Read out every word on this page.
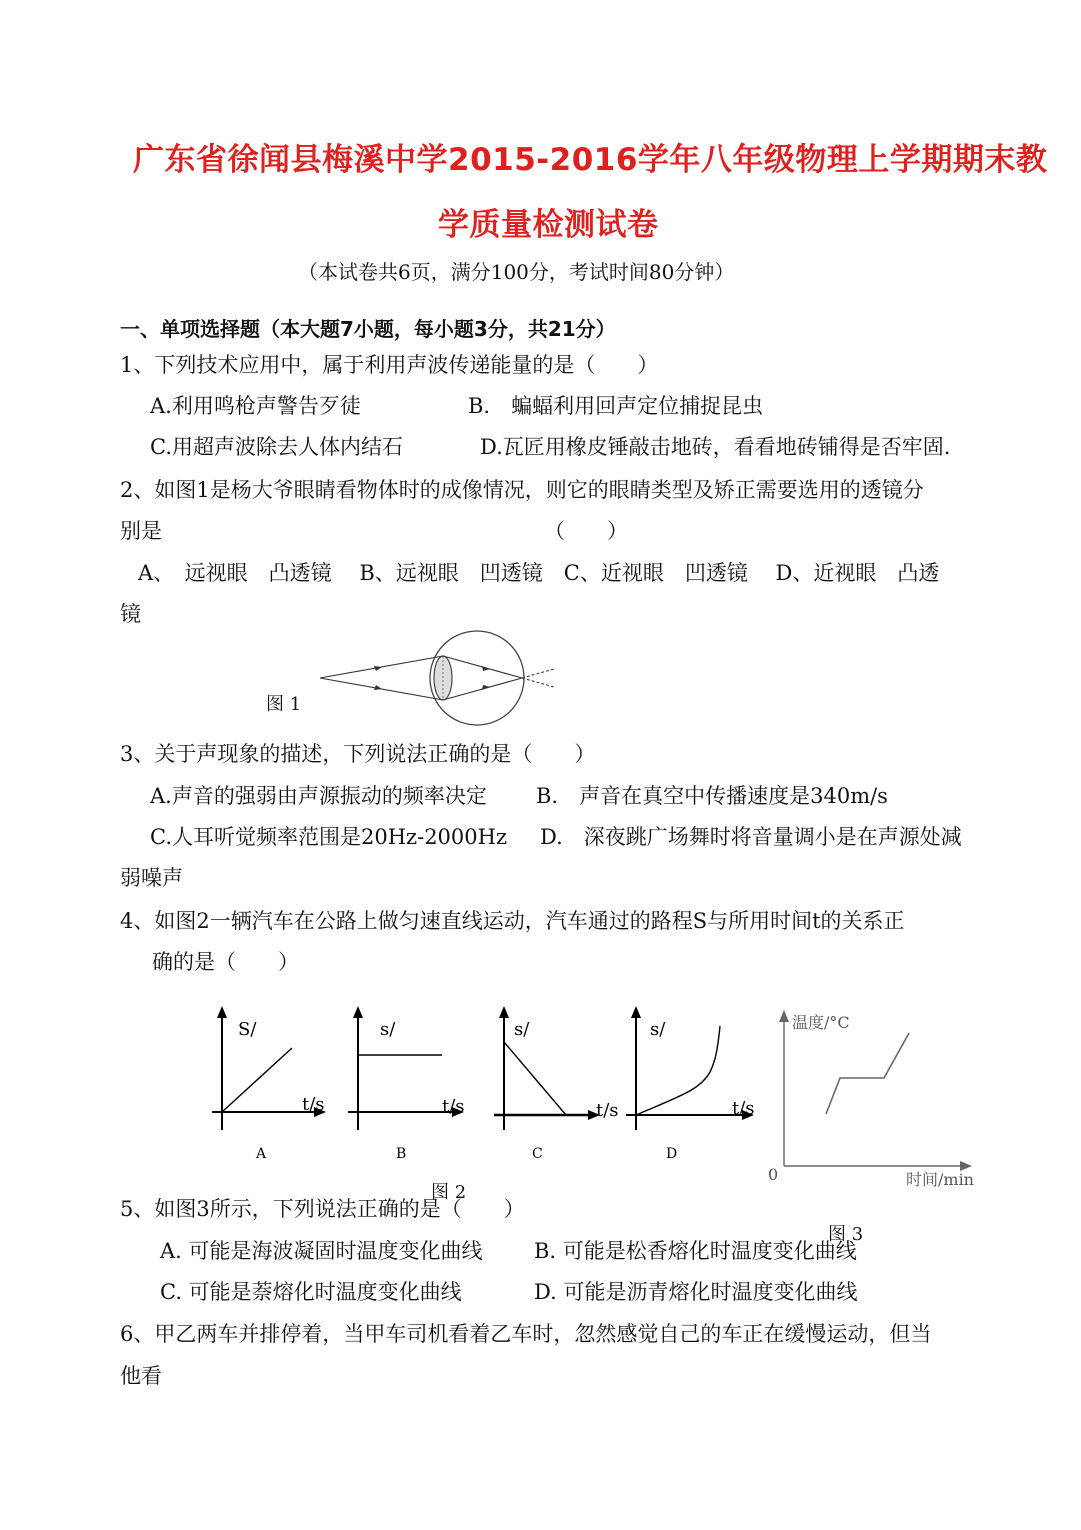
广东省徐闻县梅溪中学2015-2016学年八年级物理上学期期末教
学质量检测试卷
（本试卷共6页，满分100分，考试时间80分钟）
一、单项选择题（本大题7小题，每小题3分，共21分）
1、下列技术应用中，属于利用声波传递能量的是（　　）
A.利用鸣枪声警告歹徒	B.　蝙蝠利用回声定位捕捉昆虫
C.用超声波除去人体内结石	D.瓦匠用橡皮锤敲击地砖，看看地砖铺得是否牢固.
2、如图1是杨大爷眼睛看物体时的成像情况，则它的眼睛类型及矫正需要选用的透镜分
别是	（　　）
A、　远视眼　凸透镜　 B、远视眼　凹透镜　C、近视眼　凹透镜　 D、近视眼　凸透
镜
图 1
3、关于声现象的描述，下列说法正确的是（　　）
A.声音的强弱由声源振动的频率决定 B.　声音在真空中传播速度是340m/s
C.人耳听觉频率范围是20Hz-2000Hz D.　深夜跳广场舞时将音量调小是在声源处减
弱噪声
4、如图2一辆汽车在公路上做匀速直线运动，汽车通过的路程S与所用时间t的关系正
确的是（　　）
S/
t/s
A
s/
t/s
B
s/
t/s
C
s/
t/s
D
图 2
温度/°C
0	时间/min
图 3
5、如图3所示，下列说法正确的是（　　）
A. 可能是海波凝固时温度变化曲线 B. 可能是松香熔化时温度变化曲线
C. 可能是萘熔化时温度变化曲线	D. 可能是沥青熔化时温度变化曲线
6、甲乙两车并排停着，当甲车司机看着乙车时，忽然感觉自己的车正在缓慢运动，但当
他看
